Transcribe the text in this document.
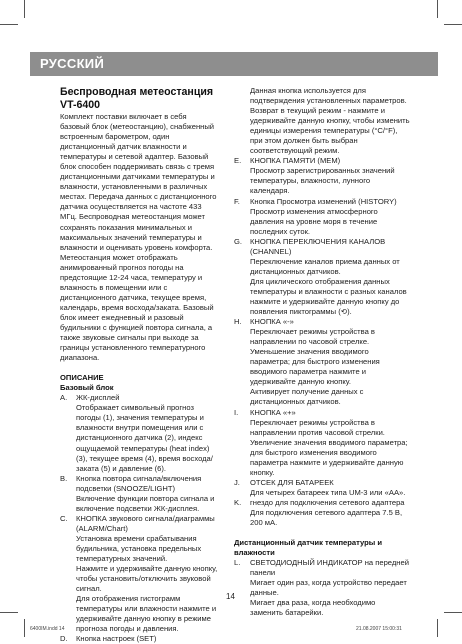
РУССКИЙ

Беспроводная метеостанция

VT-6400

Комплект поставки включает в себя базовый блок (метеостанцию), снабженный встроенным барометром, один дистанционный датчик влажности и температуры и сетевой адаптер. Базовый блок способен поддерживать связь с тремя дистанционными датчиками температуры и влажности, установленными в различных местах. Передача данных с дистанционного датчика осуществляется на частоте 433 МГц. Беспроводная метеостанция может сохранять показания минимальных и максимальных значений температуры и влажности и оценивать уровень комфорта. Метеостанция может отображать анимированный прогноз погоды на предстоящие 12-24 часа, температуру и влажность в помещении или с дистанционного датчика, текущее время, календарь, время восхода/заката. Базовый блок имеет ежедневный и разовый будильники с функцией повтора сигнала, а также звуковые сигналы при выходе за границы установленного температурного диапазона.

ОПИСАНИЕ

Базовый блок

A. ЖК-дисплей

Отображает символьный прогноз погоды (1), значения температуры и влажности внутри помещения или с дистанционного датчика (2), индекс ощущаемой температуры (heat index) (3), текущее время (4), время восхода/заката (5) и давление (6).

B. Кнопка повтора сигнала/включения подсветки (SNOOZE/LIGHT)

Включение функции повтора сигнала и включение подсветки ЖК-дисплея.

C. КНОПКА звукового сигнала/диаграммы (ALARM/Chart)

Установка времени срабатывания будильника, установка предельных температурных значений.

Нажмите и удерживайте данную кнопку, чтобы установить/отключить звуковой сигнал.

Для отображения гистограмм температуры или влажности нажмите и удерживайте данную кнопку в режиме прогноза погоды и давления.

D. Кнопка настроек (SET)

Данная кнопка используется для подтверждения установленных параметров. Возврат в текущий режим - нажмите и удерживайте данную кнопку, чтобы изменить единицы измерения температуры (°C/°F), при этом должен быть выбран соответствующий режим.

E. КНОПКА ПАМЯТИ (MEM)

Просмотр зарегистрированных значений температуры, влажности, лунного календаря.

F. Кнопка Просмотра изменений (HISTORY)

Просмотр изменения атмосферного давления на уровне моря в течение последних суток.

G. КНОПКА ПЕРЕКЛЮЧЕНИЯ КАНАЛОВ (CHANNEL)

Переключение каналов приема данных от дистанционных датчиков.

Для циклического отображения данных температуры и влажности с разных каналов нажмите и удерживайте данную кнопку до появления пиктограммы (⟲).

H. КНОПКА «-»

Переключает режимы устройства в направлении по часовой стрелке. Уменьшение значения вводимого параметра; для быстрого изменения вводимого параметра нажмите и удерживайте данную кнопку.

Активирует получение данных с дистанционных датчиков.

I. КНОПКА «+»

Переключает режимы устройства в направлении против часовой стрелки. Увеличение значения вводимого параметра; для быстрого изменения вводимого параметра нажмите и удерживайте данную кнопку.

J. ОТСЕК ДЛЯ БАТАРЕЕК

Для четырех батареек типа UM-3 или «АА».

K. гнездо для подключения сетевого адаптера

Для подключения сетевого адаптера 7.5 В, 200 мА.

Дистанционный датчик температуры и влажности

L. СВЕТОДИОДНЫЙ ИНДИКАТОР на передней панели

Мигает один раз, когда устройство передает данные.

Мигает два раза, когда необходимо заменить батарейки.

14
6400IM.indd 14	21.08.2007 15:00:31
